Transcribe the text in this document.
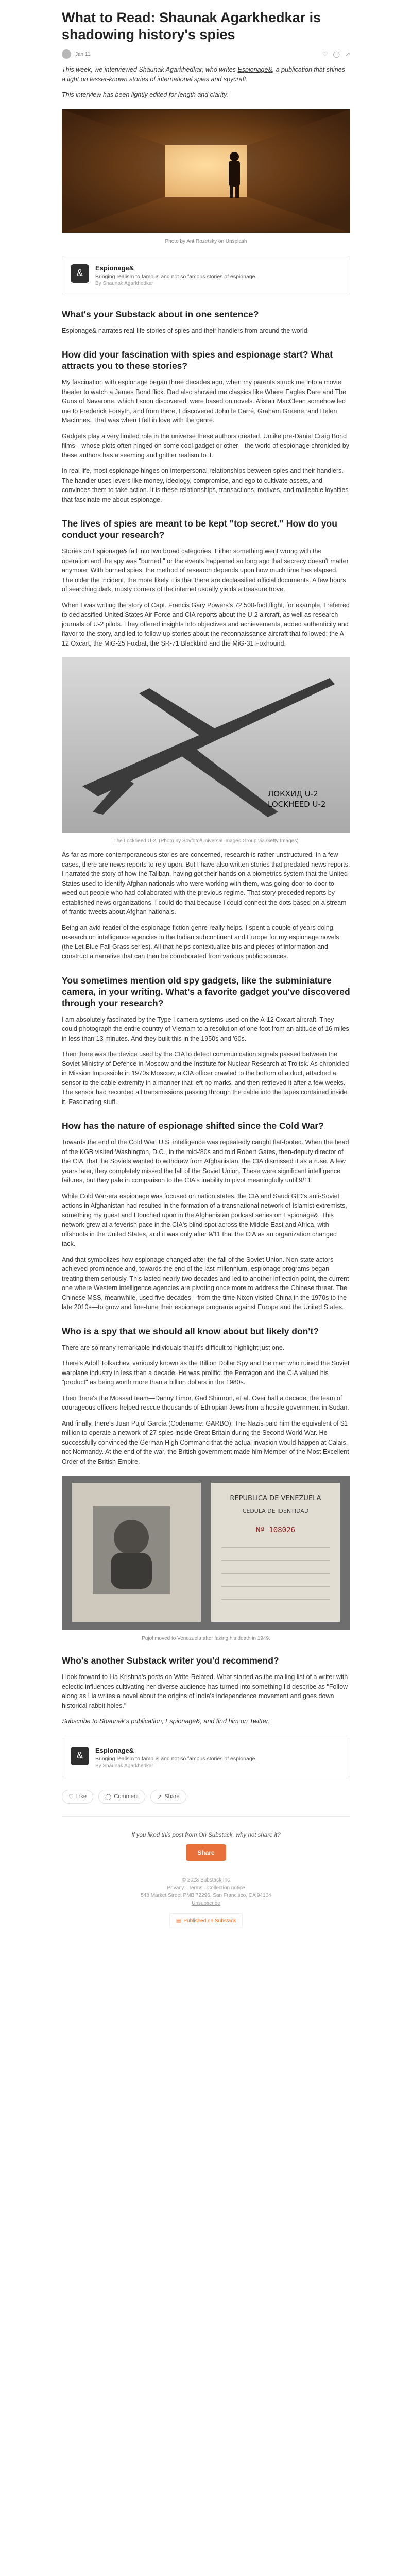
What to Read: Shaunak Agarkhedkar is shadowing history's spies
Jan 11	♡ ◯ ↗

This week, we interviewed Shaunak Agarkhedkar, who writes Espionage&, a publication that shines a light on lesser-known stories of international spies and spycraft.

This interview has been lightly edited for length and clarity.

Photo by Ant Rozetsky on Unsplash
&	Espionage&
Bringing realism to famous and not so famous stories of espionage.
By Shaunak Agarkhedkar
What's your Substack about in one sentence?

Espionage& narrates real-life stories of spies and their handlers from around the world.

How did your fascination with spies and espionage start? What attracts you to these stories?

My fascination with espionage began three decades ago, when my parents struck me into a movie theater to watch a James Bond flick. Dad also showed me classics like Where Eagles Dare and The Guns of Navarone, which I soon discovered, were based on novels. Alistair MacClean somehow led me to Frederick Forsyth, and from there, I discovered John le Carré, Graham Greene, and Helen MacInnes. That was when I fell in love with the genre.

Gadgets play a very limited role in the universe these authors created. Unlike pre-Daniel Craig Bond films—whose plots often hinged on some cool gadget or other—the world of espionage chronicled by these authors has a seeming and grittier realism to it.

In real life, most espionage hinges on interpersonal relationships between spies and their handlers. The handler uses levers like money, ideology, compromise, and ego to cultivate assets, and convinces them to take action. It is these relationships, transactions, motives, and malleable loyalties that fascinate me about espionage.

The lives of spies are meant to be kept "top secret." How do you conduct your research?

Stories on Espionage& fall into two broad categories. Either something went wrong with the operation and the spy was "burned," or the events happened so long ago that secrecy doesn't matter anymore. With burned spies, the method of research depends upon how much time has elapsed. The older the incident, the more likely it is that there are declassified official documents. A few hours of searching dark, musty corners of the internet usually yields a treasure trove.

When I was writing the story of Capt. Francis Gary Powers's 72,500-foot flight, for example, I referred to declassified United States Air Force and CIA reports about the U-2 aircraft, as well as research journals of U-2 pilots. They offered insights into objectives and achievements, added authenticity and flavor to the story, and led to follow-up stories about the reconnaissance aircraft that followed: the A-12 Oxcart, the MiG-25 Foxbat, the SR-71 Blackbird and the MiG-31 Foxhound.

ЛОКХИД U-2
LOCKHEED U-2
The Lockheed U-2. (Photo by Sovfoto/Universal Images Group via Getty Images)

As far as more contemporaneous stories are concerned, research is rather unstructured. In a few cases, there are news reports to rely upon. But I have also written stories that predated news reports. I narrated the story of how the Taliban, having got their hands on a biometrics system that the United States used to identify Afghan nationals who were working with them, was going door-to-door to weed out people who had collaborated with the previous regime. That story preceded reports by established news organizations. I could do that because I could connect the dots based on a stream of frantic tweets about Afghan nationals.

Being an avid reader of the espionage fiction genre really helps. I spent a couple of years doing research on intelligence agencies in the Indian subcontinent and Europe for my espionage novels (the Let Blue Fall Grass series). All that helps contextualize bits and pieces of information and construct a narrative that can then be corroborated from various public sources.

You sometimes mention old spy gadgets, like the subminiature camera, in your writing. What's a favorite gadget you've discovered through your research?

I am absolutely fascinated by the Type I camera systems used on the A-12 Oxcart aircraft. They could photograph the entire country of Vietnam to a resolution of one foot from an altitude of 16 miles in less than 13 minutes. And they built this in the 1950s and '60s.

Then there was the device used by the CIA to detect communication signals passed between the Soviet Ministry of Defence in Moscow and the Institute for Nuclear Research at Troitsk. As chronicled in Mission Impossible in 1970s Moscow, a CIA officer crawled to the bottom of a duct, attached a sensor to the cable extremity in a manner that left no marks, and then retrieved it after a few weeks. The sensor had recorded all transmissions passing through the cable into the tapes contained inside it. Fascinating stuff.

How has the nature of espionage shifted since the Cold War?

Towards the end of the Cold War, U.S. intelligence was repeatedly caught flat-footed. When the head of the KGB visited Washington, D.C., in the mid-'80s and told Robert Gates, then-deputy director of the CIA, that the Soviets wanted to withdraw from Afghanistan, the CIA dismissed it as a ruse. A few years later, they completely missed the fall of the Soviet Union. These were significant intelligence failures, but they pale in comparison to the CIA's inability to pivot meaningfully until 9/11.

While Cold War-era espionage was focused on nation states, the CIA and Saudi GID's anti-Soviet actions in Afghanistan had resulted in the formation of a transnational network of Islamist extremists, something my guest and I touched upon in the Afghanistan podcast series on Espionage&. This network grew at a feverish pace in the CIA's blind spot across the Middle East and Africa, with offshoots in the United States, and it was only after 9/11 that the CIA as an organization changed tack.

And that symbolizes how espionage changed after the fall of the Soviet Union. Non-state actors achieved prominence and, towards the end of the last millennium, espionage programs began treating them seriously. This lasted nearly two decades and led to another inflection point, the current one where Western intelligence agencies are pivoting once more to address the Chinese threat. The Chinese MSS, meanwhile, used five decades—from the time Nixon visited China in the 1970s to the late 2010s—to grow and fine-tune their espionage programs against Europe and the United States.

Who is a spy that we should all know about but likely don't?

There are so many remarkable individuals that it's difficult to highlight just one.

There's Adolf Tolkachev, variously known as the Billion Dollar Spy and the man who ruined the Soviet warplane industry in less than a decade. He was prolific: the Pentagon and the CIA valued his "product" as being worth more than a billion dollars in the 1980s.

Then there's the Mossad team—Danny Limor, Gad Shimron, et al. Over half a decade, the team of courageous officers helped rescue thousands of Ethiopian Jews from a hostile government in Sudan.

And finally, there's Juan Pujol García (Codename: GARBO). The Nazis paid him the equivalent of $1 million to operate a network of 27 spies inside Great Britain during the Second World War. He successfully convinced the German High Command that the actual invasion would happen at Calais, not Normandy. At the end of the war, the British government made him Member of the Most Excellent Order of the British Empire.

REPUBLICA DE VENEZUELA
CEDULA DE IDENTIDAD
Nº 108026
Pujol moved to Venezuela after faking his death in 1949.
Who's another Substack writer you'd recommend?

I look forward to Lia Krishna's posts on Write-Related. What started as the mailing list of a writer with eclectic influences cultivating her diverse audience has turned into something I'd describe as "Follow along as Lia writes a novel about the origins of India's independence movement and goes down historical rabbit holes."

Subscribe to Shaunak's publication, Espionage&, and find him on Twitter.

&	Espionage&
Bringing realism to famous and not so famous stories of espionage.
By Shaunak Agarkhedkar
♡ Like	◯ Comment	↗ Share
If you liked this post from On Substack, why not share it?
Share
© 2023 Substack Inc
Privacy · Terms · Collection notice
548 Market Street PMB 72296, San Francisco, CA 94104
Unsubscribe
▤ Published on Substack
